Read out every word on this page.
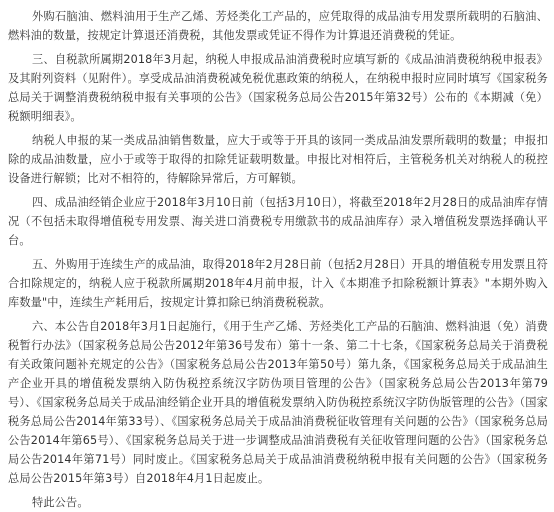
外购石脑油、燃料油用于生产乙烯、芳烃类化工产品的，应凭取得的成品油专用发票所载明的石脑油、燃料油的数量，按规定计算退还消费税，其他发票或凭证不得作为计算退还消费税的凭证。

三、自税款所属期2018年3月起，纳税人申报成品油消费税时应填写新的《成品油消费税纳税申报表》及其附列资料（见附件）。享受成品油消费税减免税优惠政策的纳税人，在纳税申报时应同时填写《国家税务总局关于调整消费税纳税申报有关事项的公告》（国家税务总局公告2015年第32号）公布的《本期减（免）税额明细表》。

纳税人申报的某一类成品油销售数量，应大于或等于开具的该同一类成品油发票所载明的数量；申报扣除的成品油数量，应小于或等于取得的扣除凭证载明数量。申报比对相符后，主管税务机关对纳税人的税控设备进行解锁；比对不相符的，待解除异常后，方可解锁。

四、成品油经销企业应于2018年3月10日前（包括3月10日），将截至2018年2月28日的成品油库存情况（不包括未取得增值税专用发票、海关进口消费税专用缴款书的成品油库存）录入增值税发票选择确认平台。

五、外购用于连续生产的成品油，取得2018年2月28日前（包括2月28日）开具的增值税专用发票且符合扣除规定的，纳税人应于税款所属期2018年4月前申报，计入《本期准予扣除税额计算表》"本期外购入库数量"中，连续生产耗用后，按规定计算扣除已纳消费税税款。

六、本公告自2018年3月1日起施行，《用于生产乙烯、芳烃类化工产品的石脑油、燃料油退（免）消费税暂行办法》（国家税务总局公告2012年第36号发布）第十一条、第二十七条，《国家税务总局关于消费税有关政策问题补充规定的公告》（国家税务总局公告2013年第50号）第九条，《国家税务总局关于成品油生产企业开具的增值税发票纳入防伪税控系统汉字防伪项目管理的公告》（国家税务总局公告2013年第79号）、《国家税务总局关于成品油经销企业开具的增值税发票纳入防伪税控系统汉字防伪版管理的公告》（国家税务总局公告2014年第33号）、《国家税务总局关于成品油消费税征收管理有关问题的公告》（国家税务总局公告2014年第65号）、《国家税务总局关于进一步调整成品油消费税有关征收管理问题的公告》（国家税务总局公告2014年第71号）同时废止。《国家税务总局关于成品油消费税纳税申报有关问题的公告》（国家税务总局公告2015年第3号）自2018年4月1日起废止。

特此公告。
